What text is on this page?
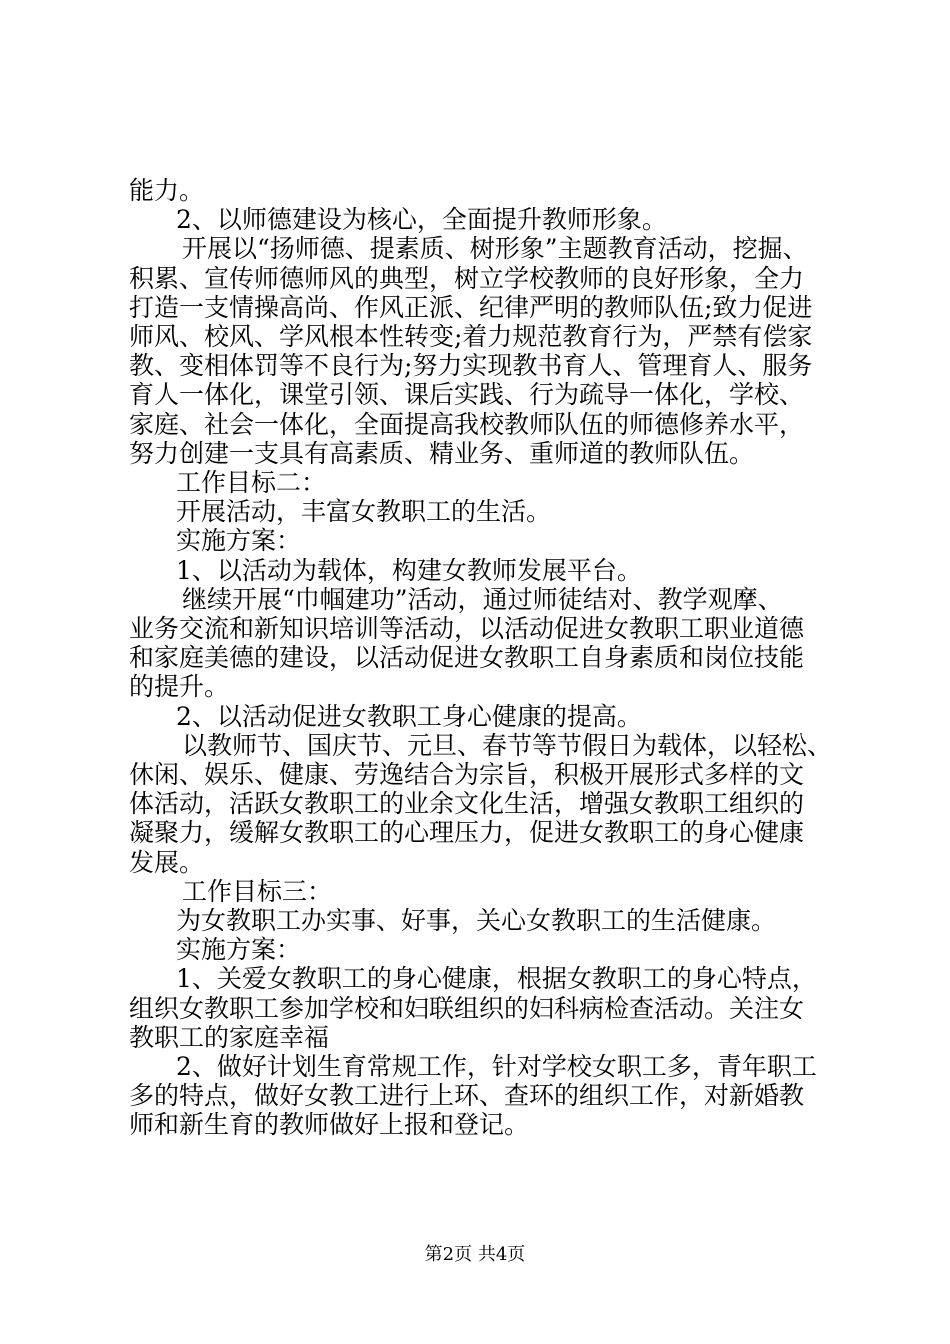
能力。
2、以师德建设为核心，全面提升教师形象。
开展以“扬师德、提素质、树形象”主题教育活动，挖掘、
积累、宣传师德师风的典型，树立学校教师的良好形象，全力
打造一支情操高尚、作风正派、纪律严明的教师队伍;致力促进
师风、校风、学风根本性转变;着力规范教育行为，严禁有偿家
教、变相体罚等不良行为;努力实现教书育人、管理育人、服务
育人一体化，课堂引领、课后实践、行为疏导一体化，学校、
家庭、社会一体化，全面提高我校教师队伍的师德修养水平，
努力创建一支具有高素质、精业务、重师道的教师队伍。
工作目标二：
开展活动，丰富女教职工的生活。
实施方案：
1、以活动为载体，构建女教师发展平台。
继续开展“巾帼建功”活动，通过师徒结对、教学观摩、
业务交流和新知识培训等活动，以活动促进女教职工职业道德
和家庭美德的建设，以活动促进女教职工自身素质和岗位技能
的提升。
2、以活动促进女教职工身心健康的提高。
以教师节、国庆节、元旦、春节等节假日为载体，以轻松、
休闲、娱乐、健康、劳逸结合为宗旨，积极开展形式多样的文
体活动，活跃女教职工的业余文化生活，增强女教职工组织的
凝聚力，缓解女教职工的心理压力，促进女教职工的身心健康
发展。
工作目标三：
为女教职工办实事、好事，关心女教职工的生活健康。
实施方案：
1、关爱女教职工的身心健康，根据女教职工的身心特点，
组织女教职工参加学校和妇联组织的妇科病检查活动。关注女
教职工的家庭幸福
2、做好计划生育常规工作，针对学校女职工多，青年职工
多的特点，做好女教工进行上环、查环的组织工作，对新婚教
师和新生育的教师做好上报和登记。
第2页 共4页
